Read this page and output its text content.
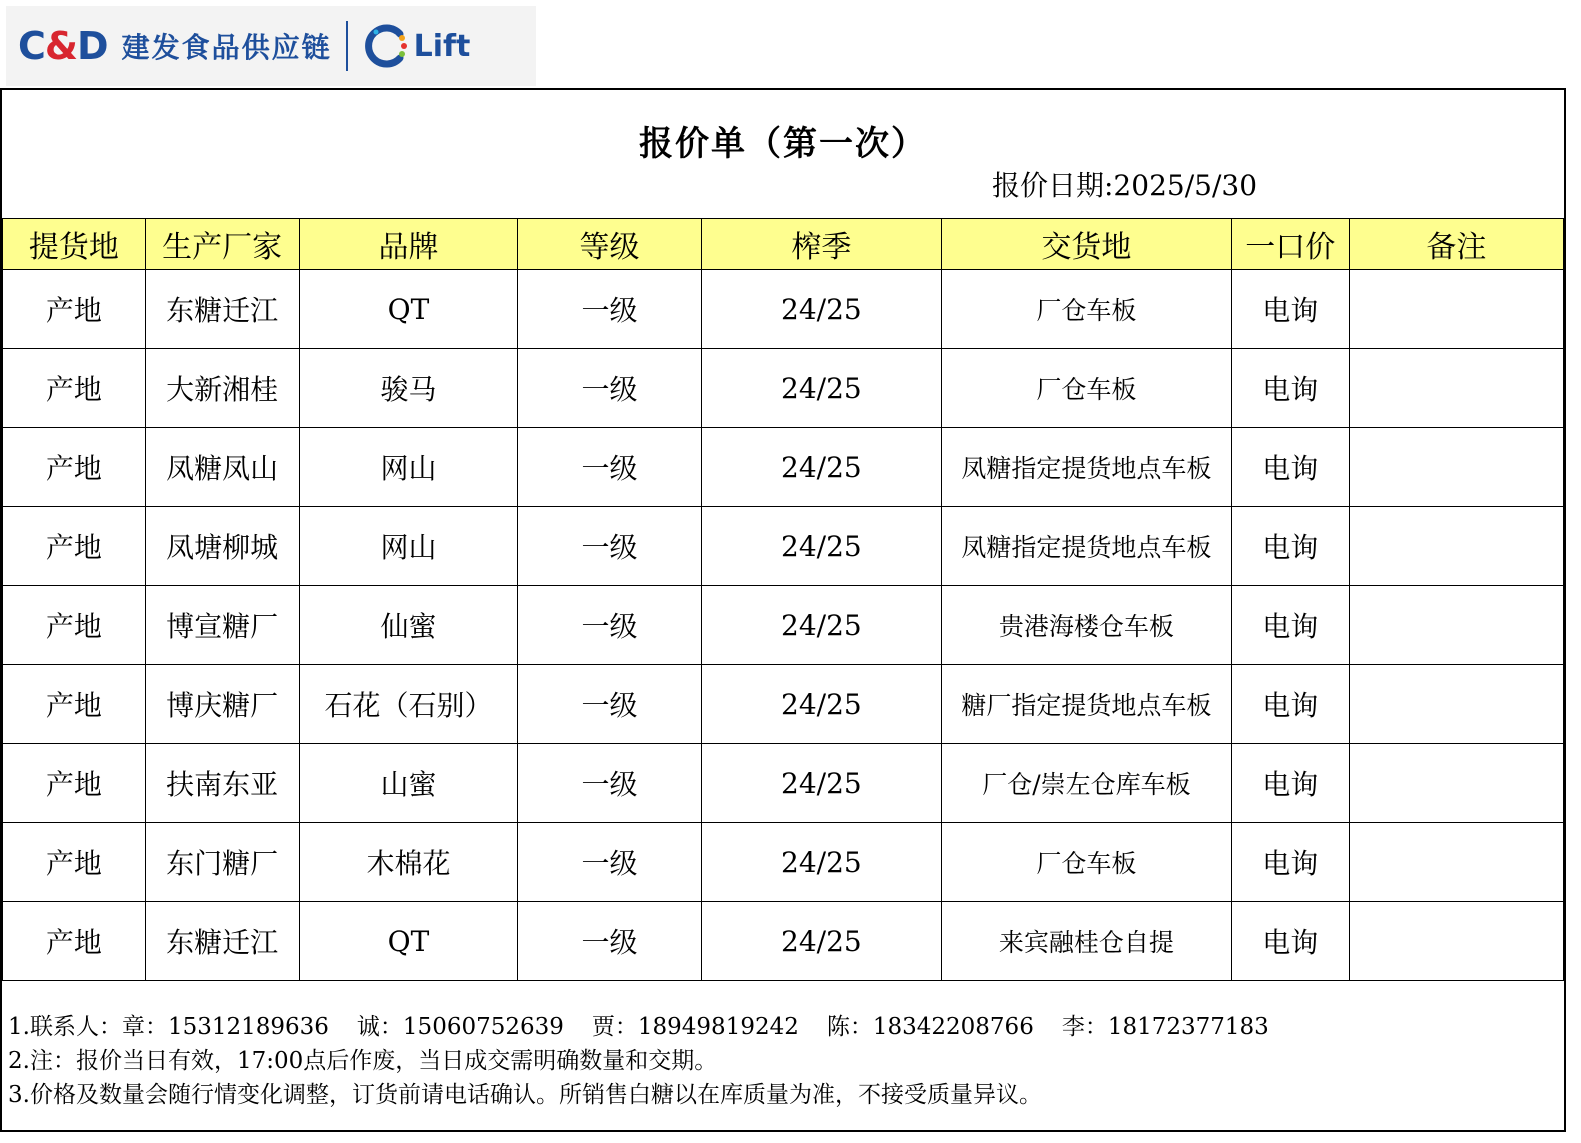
C&D 建发食品供应链	Lift
报价单（第一次）
报价日期:2025/5/30
提货地	生产厂家	品牌	等级	榨季	交货地	一口价	备注
产地	东糖迁江	QT	一级	24/25	厂仓车板	电询	
产地	大新湘桂	骏马	一级	24/25	厂仓车板	电询	
产地	凤糖凤山	网山	一级	24/25	凤糖指定提货地点车板	电询	
产地	凤塘柳城	网山	一级	24/25	凤糖指定提货地点车板	电询	
产地	博宣糖厂	仙蜜	一级	24/25	贵港海楼仓车板	电询	
产地	博庆糖厂	石花（石别）	一级	24/25	糖厂指定提货地点车板	电询	
产地	扶南东亚	山蜜	一级	24/25	厂仓/崇左仓库车板	电询	
产地	东门糖厂	木棉花	一级	24/25	厂仓车板	电询	
产地	东糖迁江	QT	一级	24/25	来宾融桂仓自提	电询	
1.联系人：章：15312189636 诚：15060752639 贾：18949819242 陈：18342208766 李：18172377183
2.注：报价当日有效，17:00点后作废，当日成交需明确数量和交期。
3.价格及数量会随行情变化调整，订货前请电话确认。所销售白糖以在库质量为准，不接受质量异议。
